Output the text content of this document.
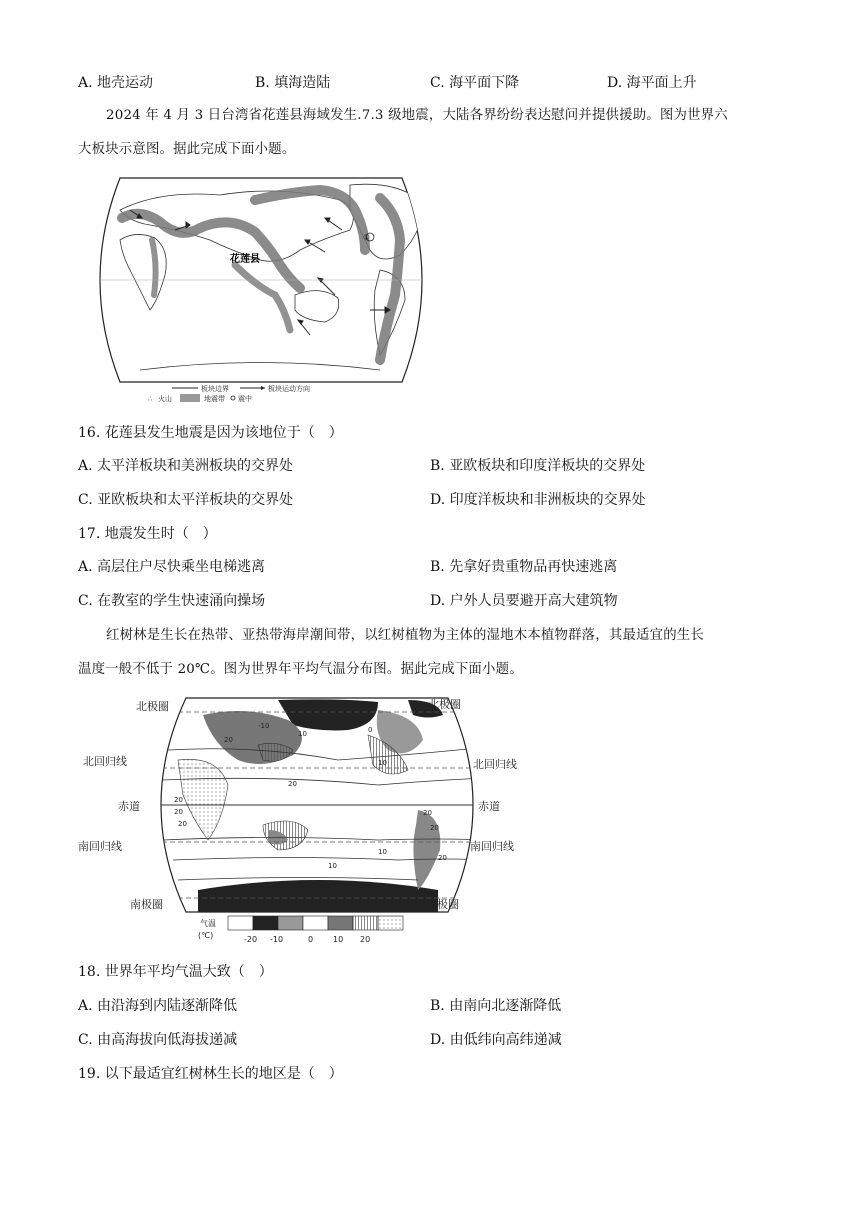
A. 地壳运动	B. 填海造陆	C. 海平面下降	D. 海平面上升
2024 年 4 月 3 日台湾省花莲县海域发生.7.3 级地震，大陆各界纷纷表达慰问并提供援助。图为世界六
大板块示意图。据此完成下面小题。
花莲县
①
板块边界	板块运动方向
∴ 火山	地震带 震中
16. 花莲县发生地震是因为该地位于（　）
A. 太平洋板块和美洲板块的交界处	B. 亚欧板块和印度洋板块的交界处
C. 亚欧板块和太平洋板块的交界处	D. 印度洋板块和非洲板块的交界处
17. 地震发生时（　）
A. 高层住户尽快乘坐电梯逃离	B. 先拿好贵重物品再快速逃离
C. 在教室的学生快速涌向操场	D. 户外人员要避开高大建筑物
红树林是生长在热带、亚热带海岸潮间带，以红树植物为主体的湿地木本植物群落，其最适宜的生长
温度一般不低于 20℃。图为世界年平均气温分布图。据此完成下面小题。
20
10
10
20
20
20
20
0
10
0
-10
20
20
10
20
0
10
0
北极圈	北极圈
北回归线	北回归线
赤道	赤道
南回归线	南回归线
南极圈	南极圈
气温
(℃)	-20 -10	0 10 20
18. 世界年平均气温大致（　）
A. 由沿海到内陆逐渐降低	B. 由南向北逐渐降低
C. 由高海拔向低海拔递减	D. 由低纬向高纬递减
19. 以下最适宜红树林生长的地区是（　）
